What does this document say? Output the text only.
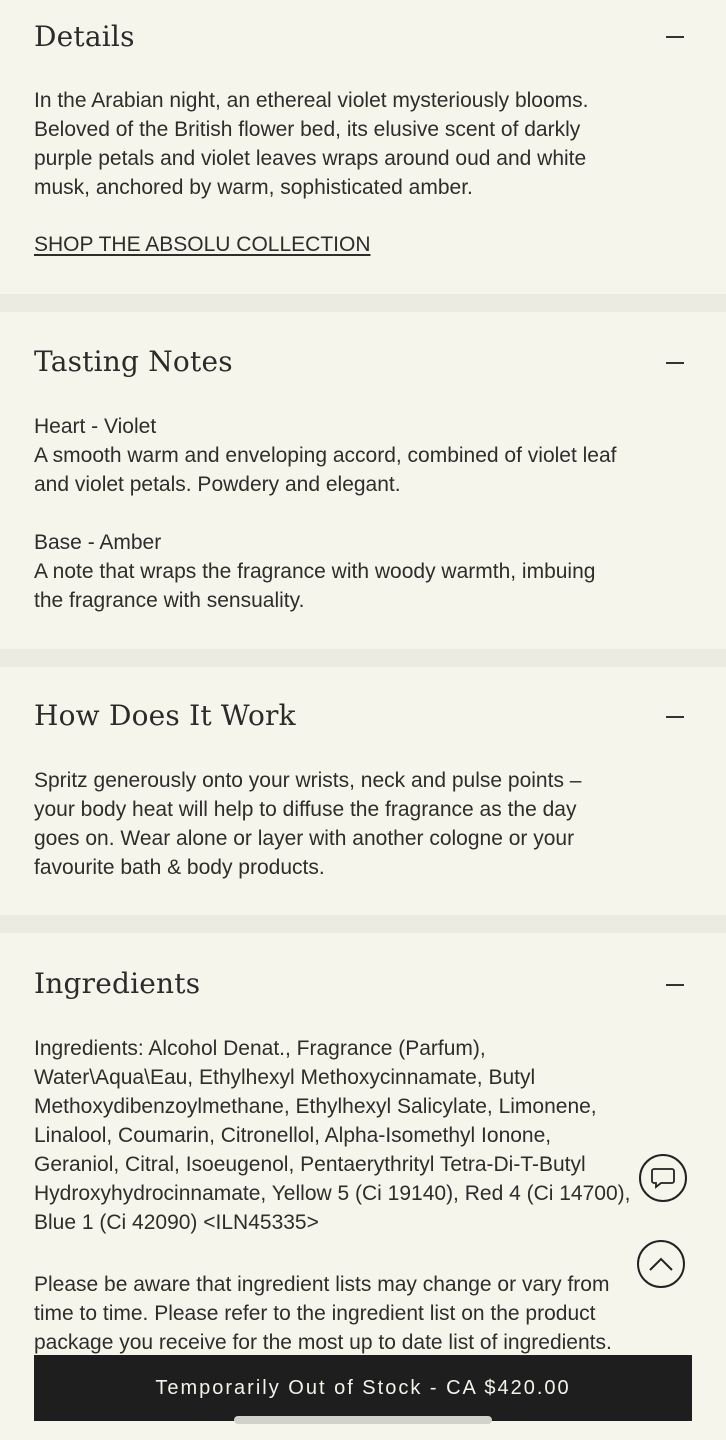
Details
In the Arabian night, an ethereal violet mysteriously blooms.
Beloved of the British flower bed, its elusive scent of darkly
purple petals and violet leaves wraps around oud and white
musk, anchored by warm, sophisticated amber.
SHOP THE ABSOLU COLLECTION
Tasting Notes
Heart - Violet
A smooth warm and enveloping accord, combined of violet leaf
and violet petals. Powdery and elegant.
Base - Amber
A note that wraps the fragrance with woody warmth, imbuing
the fragrance with sensuality.
How Does It Work
Spritz generously onto your wrists, neck and pulse points –
your body heat will help to diffuse the fragrance as the day
goes on. Wear alone or layer with another cologne or your
favourite bath & body products.
Ingredients
Ingredients: Alcohol Denat., Fragrance (Parfum),
Water\Aqua\Eau, Ethylhexyl Methoxycinnamate, Butyl
Methoxydibenzoylmethane, Ethylhexyl Salicylate, Limonene,
Linalool, Coumarin, Citronellol, Alpha-Isomethyl Ionone,
Geraniol, Citral, Isoeugenol, Pentaerythrityl Tetra-Di-T-Butyl
Hydroxyhydrocinnamate, Yellow 5 (Ci 19140), Red 4 (Ci 14700),
Blue 1 (Ci 42090) <ILN45335>
Please be aware that ingredient lists may change or vary from
time to time. Please refer to the ingredient list on the product
package you receive for the most up to date list of ingredients.
Temporarily Out of Stock - CA $420.00
